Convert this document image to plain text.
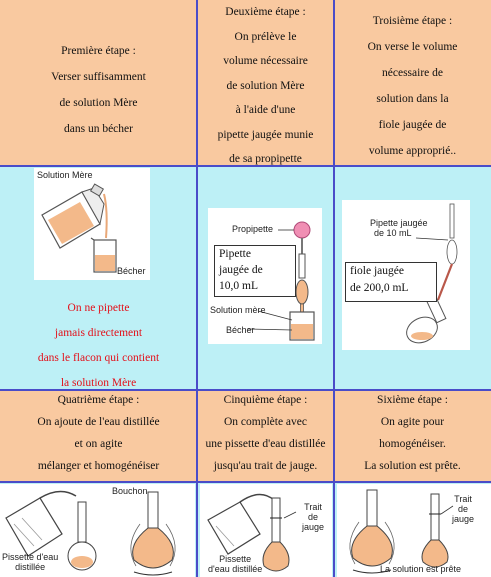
Première étape :
Verser suffisamment
de solution Mère
dans un bécher
Deuxième étape :
On prélève le
volume nécessaire
de solution Mère
à l'aide d'une
pipette jaugée munie
de sa propipette
Troisième étape :
On verse le volume
nécessaire de
solution dans la
fiole jaugée de
volume approprié..
On ne pipette
jamais directement
dans le flacon qui contient
la solution Mère
Quatrième étape :
On ajoute de l'eau distillée
et on agite
mélanger et homogénéiser
Cinquième étape :
On complète avec
une pissette d'eau distillée
jusqu'au trait de jauge.
Sixième étape :
On agite pour
homogénéiser.
La solution est prête.
Solution Mère
Bécher
Propipette
Pipette
jaugée de
10,0 mL
Solution mère
Bécher
Pipette jaugée
de 10 mL
fiole jaugée
de 200,0 mL
Bouchon
Pissette d'eau
distillée
Trait
de
jauge
Pissette
d'eau distillée
Trait
de
jauge
La solution est prête
